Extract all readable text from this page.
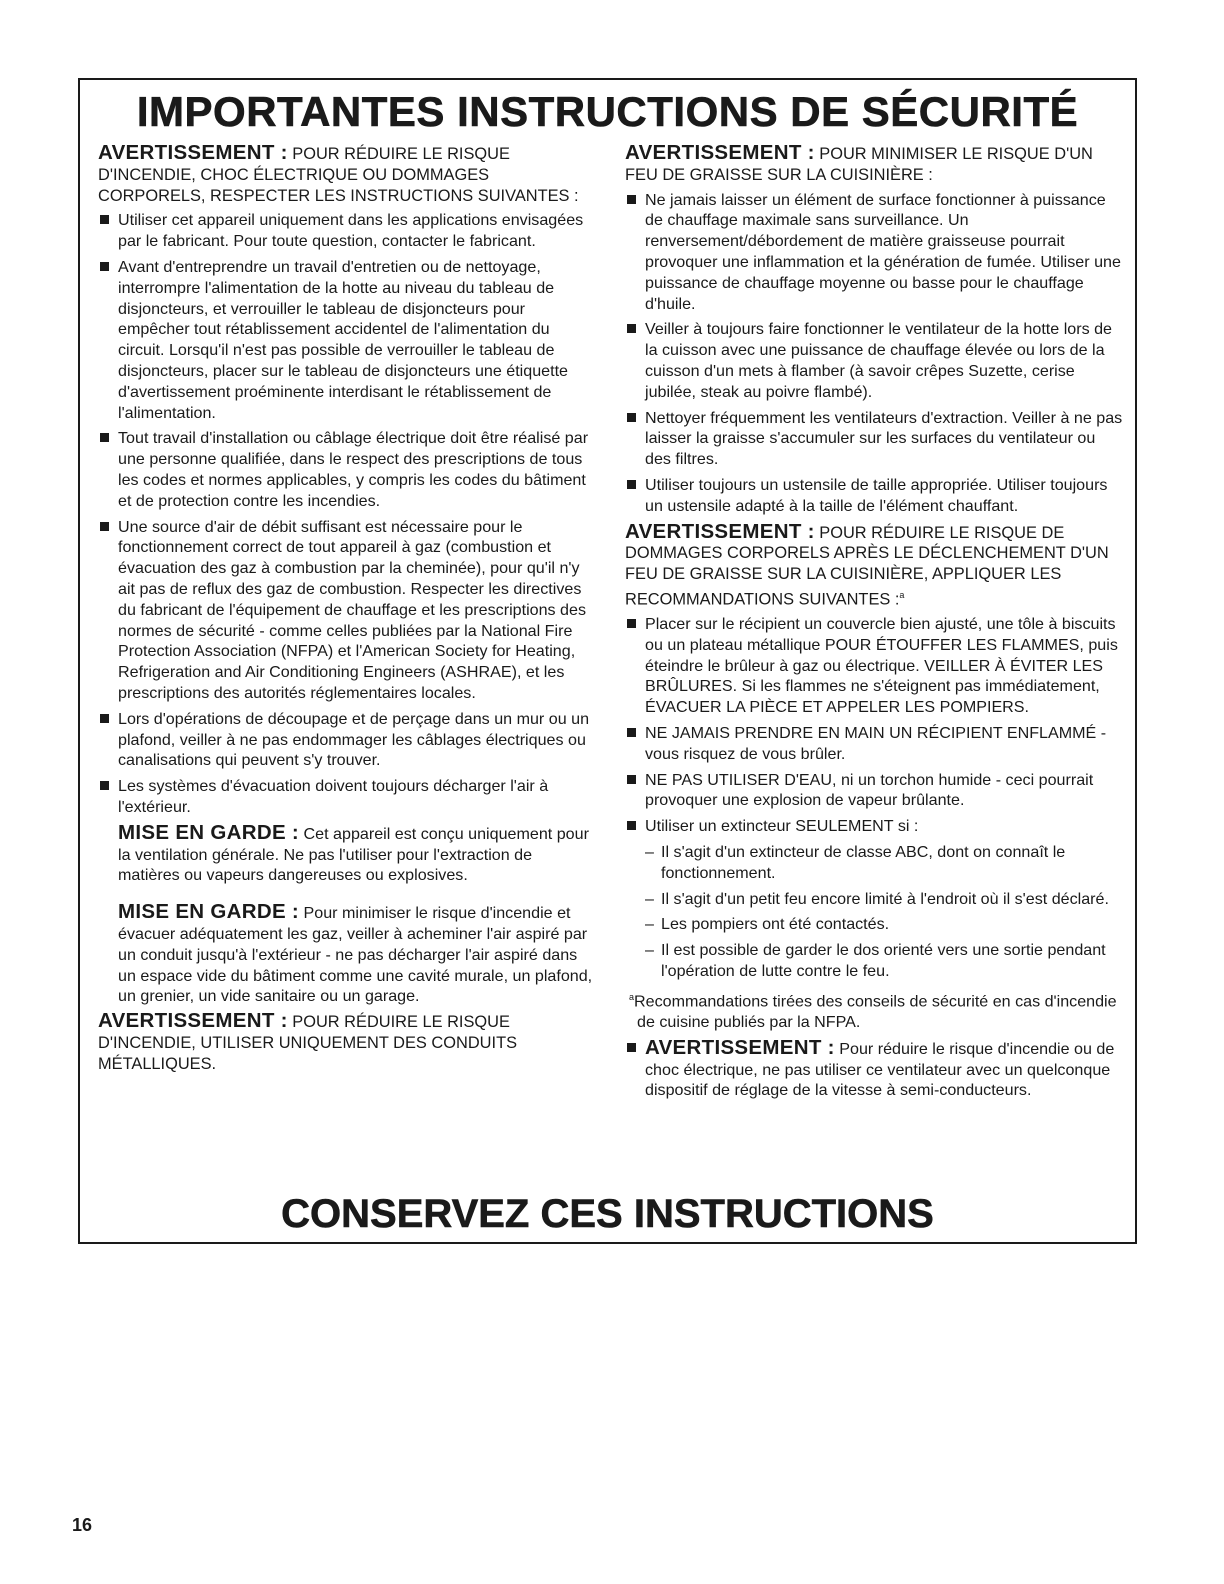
IMPORTANTES INSTRUCTIONS DE SÉCURITÉ

AVERTISSEMENT : POUR RÉDUIRE LE RISQUE D'INCENDIE, CHOC ÉLECTRIQUE OU DOMMAGES CORPORELS, RESPECTER LES INSTRUCTIONS SUIVANTES :

Utiliser cet appareil uniquement dans les applications envisagées par le fabricant. Pour toute question, contacter le fabricant.
Avant d'entreprendre un travail d'entretien ou de nettoyage, interrompre l'alimentation de la hotte au niveau du tableau de disjoncteurs, et verrouiller le tableau de disjoncteurs pour empêcher tout rétablissement accidentel de l'alimentation du circuit. Lorsqu'il n'est pas possible de verrouiller le tableau de disjoncteurs, placer sur le tableau de disjoncteurs une étiquette d'avertissement proéminente interdisant le rétablissement de l'alimentation.
Tout travail d'installation ou câblage électrique doit être réalisé par une personne qualifiée, dans le respect des prescriptions de tous les codes et normes applicables, y compris les codes du bâtiment et de protection contre les incendies.
Une source d'air de débit suffisant est nécessaire pour le fonctionnement correct de tout appareil à gaz (combustion et évacuation des gaz à combustion par la cheminée), pour qu'il n'y ait pas de reflux des gaz de combustion. Respecter les directives du fabricant de l'équipement de chauffage et les prescriptions des normes de sécurité - comme celles publiées par la National Fire Protection Association (NFPA) et l'American Society for Heating, Refrigeration and Air Conditioning Engineers (ASHRAE), et les prescriptions des autorités réglementaires locales.
Lors d'opérations de découpage et de perçage dans un mur ou un plafond, veiller à ne pas endommager les câblages électriques ou canalisations qui peuvent s'y trouver.
Les systèmes d'évacuation doivent toujours décharger l'air à l'extérieur.

MISE EN GARDE : Cet appareil est conçu uniquement pour la ventilation générale. Ne pas l'utiliser pour l'extraction de matières ou vapeurs dangereuses ou explosives.

MISE EN GARDE : Pour minimiser le risque d'incendie et évacuer adéquatement les gaz, veiller à acheminer l'air aspiré par un conduit jusqu'à l'extérieur - ne pas décharger l'air aspiré dans un espace vide du bâtiment comme une cavité murale, un plafond, un grenier, un vide sanitaire ou un garage.

AVERTISSEMENT : POUR RÉDUIRE LE RISQUE D'INCENDIE, UTILISER UNIQUEMENT DES CONDUITS MÉTALLIQUES.

AVERTISSEMENT : POUR MINIMISER LE RISQUE D'UN FEU DE GRAISSE SUR LA CUISINIÈRE :

Ne jamais laisser un élément de surface fonctionner à puissance de chauffage maximale sans surveillance. Un renversement/débordement de matière graisseuse pourrait provoquer une inflammation et la génération de fumée. Utiliser une puissance de chauffage moyenne ou basse pour le chauffage d'huile.
Veiller à toujours faire fonctionner le ventilateur de la hotte lors de la cuisson avec une puissance de chauffage élevée ou lors de la cuisson d'un mets à flamber (à savoir crêpes Suzette, cerise jubilée, steak au poivre flambé).
Nettoyer fréquemment les ventilateurs d'extraction. Veiller à ne pas laisser la graisse s'accumuler sur les surfaces du ventilateur ou des filtres.
Utiliser toujours un ustensile de taille appropriée. Utiliser toujours un ustensile adapté à la taille de l'élément chauffant.

AVERTISSEMENT : POUR RÉDUIRE LE RISQUE DE DOMMAGES CORPORELS APRÈS LE DÉCLENCHEMENT D'UN FEU DE GRAISSE SUR LA CUISINIÈRE, APPLIQUER LES RECOMMANDATIONS SUIVANTES :$^a$

Placer sur le récipient un couvercle bien ajusté, une tôle à biscuits ou un plateau métallique POUR ÉTOUFFER LES FLAMMES, puis éteindre le brûleur à gaz ou électrique. VEILLER À ÉVITER LES BRÛLURES. Si les flammes ne s'éteignent pas immédiatement, ÉVACUER LA PIÈCE ET APPELER LES POMPIERS.
NE JAMAIS PRENDRE EN MAIN UN RÉCIPIENT ENFLAMMÉ - vous risquez de vous brûler.
NE PAS UTILISER D'EAU, ni un torchon humide - ceci pourrait provoquer une explosion de vapeur brûlante.
Utiliser un extincteur SEULEMENT si :
– Il s'agit d'un extincteur de classe ABC, dont on connaît le fonctionnement.
– Il s'agit d'un petit feu encore limité à l'endroit où il s'est déclaré.
– Les pompiers ont été contactés.
– Il est possible de garder le dos orienté vers une sortie pendant l'opération de lutte contre le feu.

$^a$Recommandations tirées des conseils de sécurité en cas d'incendie de cuisine publiés par la NFPA.

AVERTISSEMENT : Pour réduire le risque d'incendie ou de choc électrique, ne pas utiliser ce ventilateur avec un quelconque dispositif de réglage de la vitesse à semi-conducteurs.
CONSERVEZ CES INSTRUCTIONS
16
